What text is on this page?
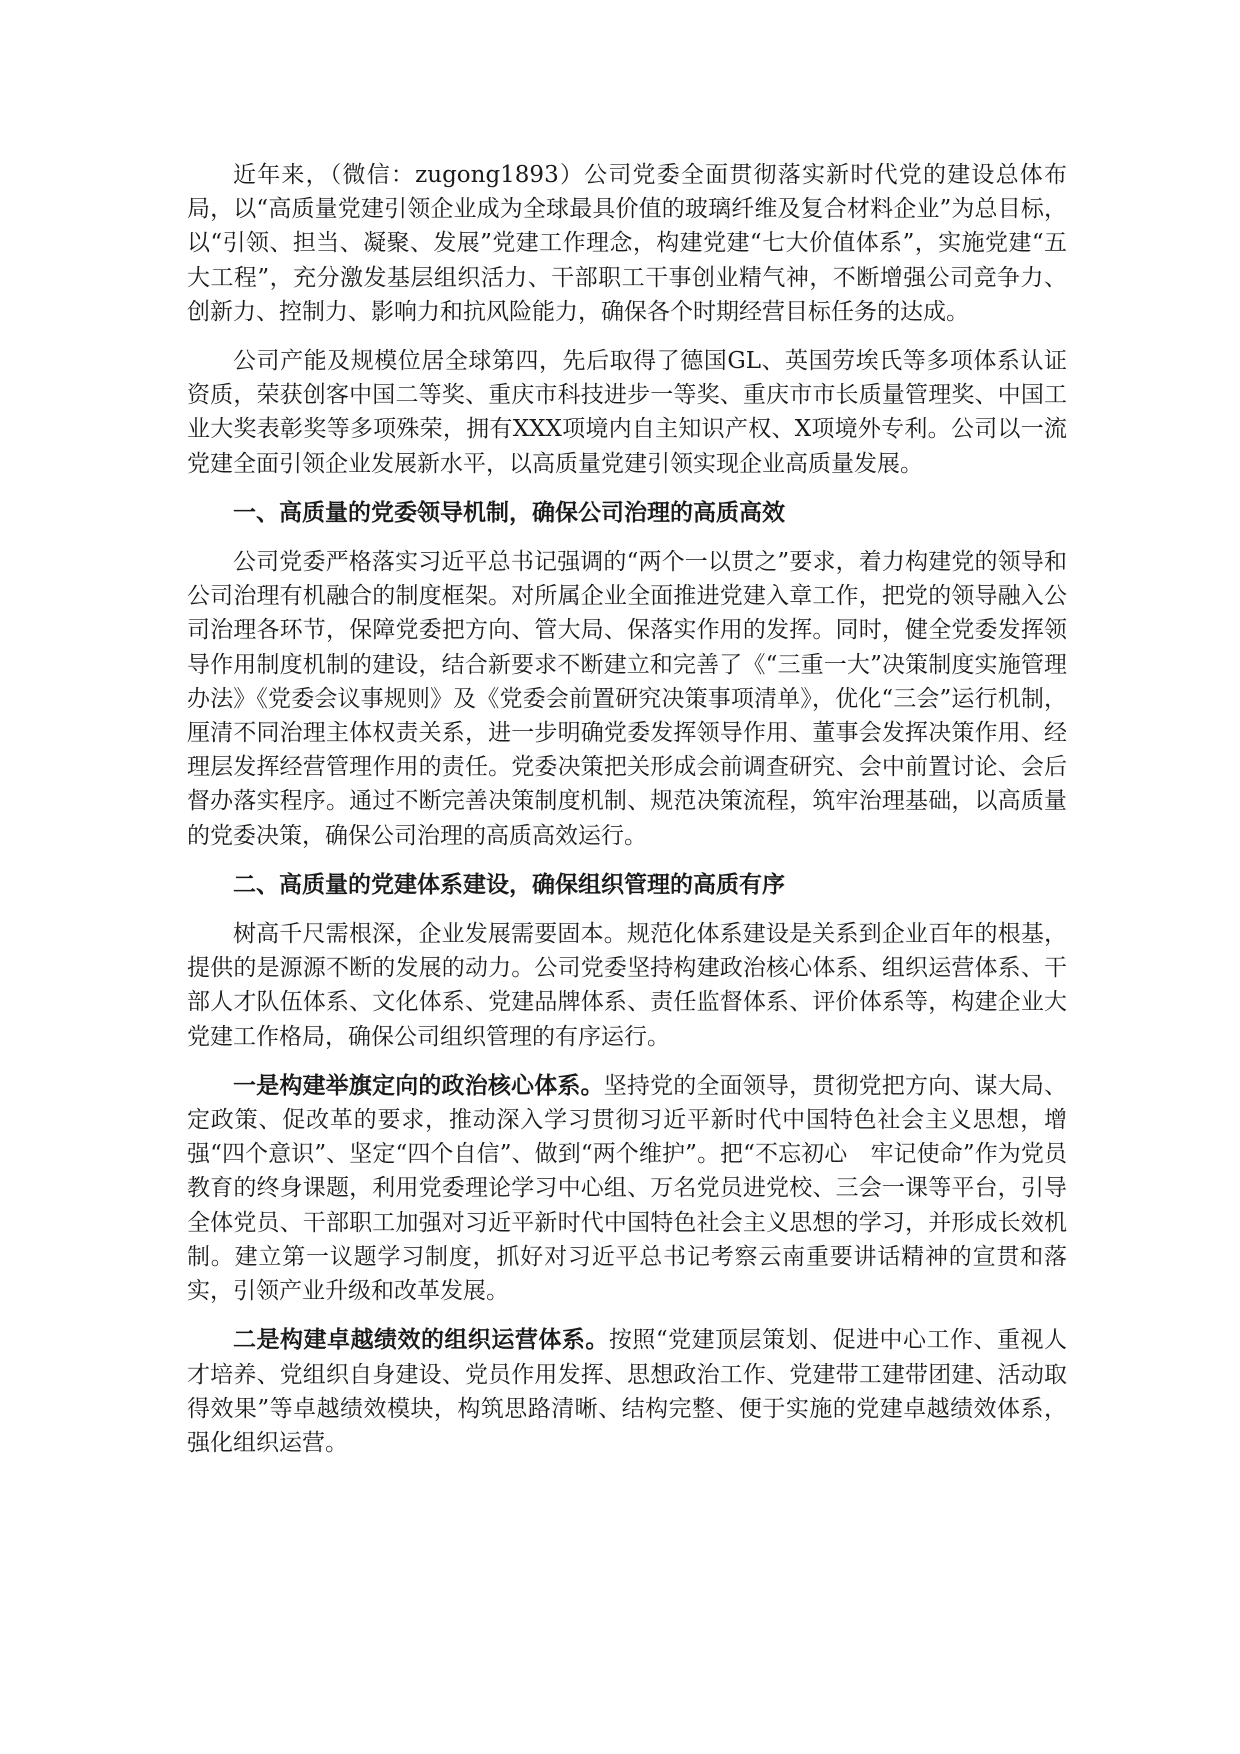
近年来，（微信：zugong1893）公司党委全面贯彻落实新时代党的建设总体布局，以“高质量党建引领企业成为全球最具价值的玻璃纤维及复合材料企业”为总目标，以“引领、担当、凝聚、发展”党建工作理念，构建党建“七大价值体系”，实施党建“五大工程”，充分激发基层组织活力、干部职工干事创业精气神，不断增强公司竞争力、创新力、控制力、影响力和抗风险能力，确保各个时期经营目标任务的达成。

公司产能及规模位居全球第四，先后取得了德国GL、英国劳埃氏等多项体系认证资质，荣获创客中国二等奖、重庆市科技进步一等奖、重庆市市长质量管理奖、中国工业大奖表彰奖等多项殊荣，拥有XXX项境内自主知识产权、X项境外专利。公司以一流党建全面引领企业发展新水平，以高质量党建引领实现企业高质量发展。

一、高质量的党委领导机制，确保公司治理的高质高效

公司党委严格落实习近平总书记强调的“两个一以贯之”要求，着力构建党的领导和公司治理有机融合的制度框架。对所属企业全面推进党建入章工作，把党的领导融入公司治理各环节，保障党委把方向、管大局、保落实作用的发挥。同时，健全党委发挥领导作用制度机制的建设，结合新要求不断建立和完善了《“三重一大”决策制度实施管理办法》《党委会议事规则》及《党委会前置研究决策事项清单》，优化“三会”运行机制，厘清不同治理主体权责关系，进一步明确党委发挥领导作用、董事会发挥决策作用、经理层发挥经营管理作用的责任。党委决策把关形成会前调查研究、会中前置讨论、会后督办落实程序。通过不断完善决策制度机制、规范决策流程，筑牢治理基础，以高质量的党委决策，确保公司治理的高质高效运行。

二、高质量的党建体系建设，确保组织管理的高质有序

树高千尺需根深，企业发展需要固本。规范化体系建设是关系到企业百年的根基，提供的是源源不断的发展的动力。公司党委坚持构建政治核心体系、组织运营体系、干部人才队伍体系、文化体系、党建品牌体系、责任监督体系、评价体系等，构建企业大党建工作格局，确保公司组织管理的有序运行。

一是构建举旗定向的政治核心体系。坚持党的全面领导，贯彻党把方向、谋大局、定政策、促改革的要求，推动深入学习贯彻习近平新时代中国特色社会主义思想，增强“四个意识”、坚定“四个自信”、做到“两个维护”。把“不忘初心　牢记使命”作为党员教育的终身课题，利用党委理论学习中心组、万名党员进党校、三会一课等平台，引导全体党员、干部职工加强对习近平新时代中国特色社会主义思想的学习，并形成长效机制。建立第一议题学习制度，抓好对习近平总书记考察云南重要讲话精神的宣贯和落实，引领产业升级和改革发展。

二是构建卓越绩效的组织运营体系。按照“党建顶层策划、促进中心工作、重视人才培养、党组织自身建设、党员作用发挥、思想政治工作、党建带工建带团建、活动取得效果”等卓越绩效模块，构筑思路清晰、结构完整、便于实施的党建卓越绩效体系，强化组织运营。
